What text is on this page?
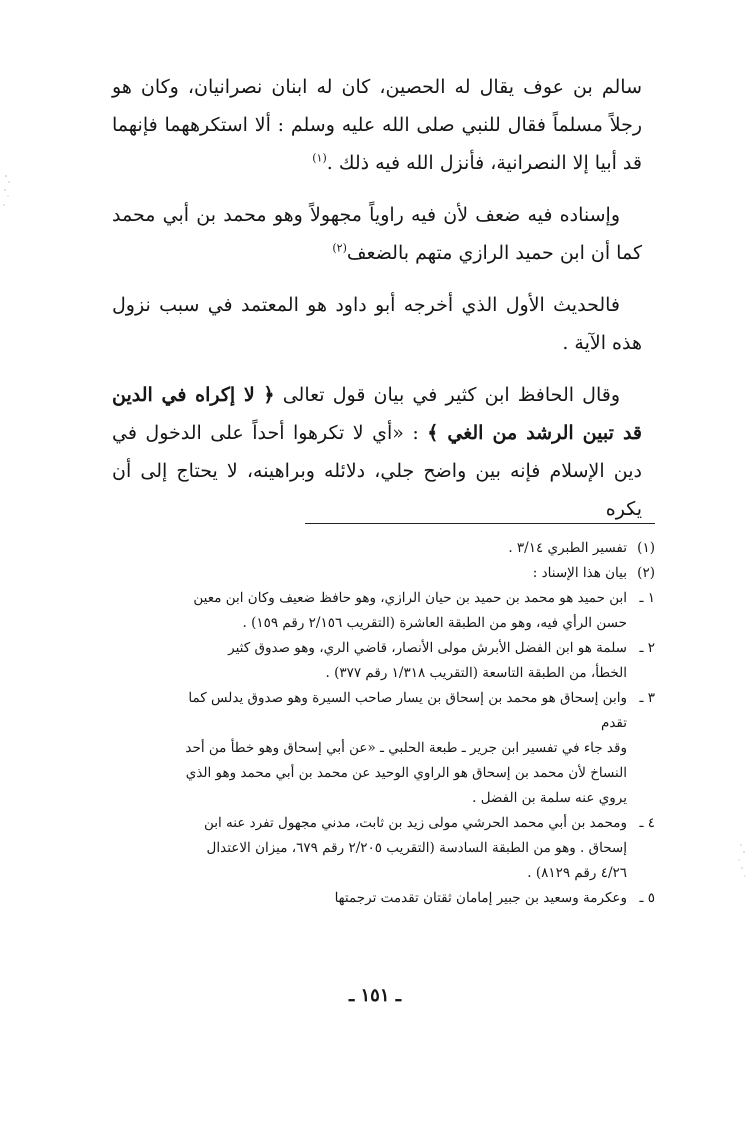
سالم بن عوف يقال له الحصين، كان له ابنان نصرانيان، وكان هو رجلاً مسلماً فقال للنبي صلى الله عليه وسلم : ألا استكرههما فإنهما قد أبيا إلا النصرانية، فأنزل الله فيه ذلك .$^{(١)}$

وإسناده فيه ضعف لأن فيه راوياً مجهولاً وهو محمد بن أبي محمد كما أن ابن حميد الرازي متهم بالضعف$^{(٢)}$

فالحديث الأول الذي أخرجه أبو داود هو المعتمد في سبب نزول هذه الآية .

وقال الحافظ ابن كثير في بيان قول تعالى ﴿ لا إكراه في الدين قد تبين الرشد من الغي ﴾ : «أي لا تكرهوا أحداً على الدخول في دين الإسلام فإنه بين واضح جلي، دلائله وبراهينه، لا يحتاج إلى أن يكره

(١)
تفسير الطبري ٣/١٤ .
(٢)
بيان هذا الإسناد :
١ ـ
ابن حميد هو محمد بن حميد بن حيان الرازي، وهو حافظ ضعيف وكان ابن معين
حسن الرأي فيه، وهو من الطبقة العاشرة (التقريب ٢/١٥٦ رقم ١٥٩) .
٢ ـ
سلمة هو ابن الفضل الأبرش مولى الأنصار، قاضي الري، وهو صدوق كثير
الخطأ، من الطبقة التاسعة (التقريب ١/٣١٨ رقم ٣٧٧) .
٣ ـ
وابن إسحاق هو محمد بن إسحاق بن يسار صاحب السيرة وهو صدوق يدلس كما
تقدم
وقد جاء في تفسير ابن جرير ـ طبعة الحلبي ـ «عن أبي إسحاق وهو خطأ من أحد
النساخ لأن محمد بن إسحاق هو الراوي الوحيد عن محمد بن أبي محمد وهو الذي
يروي عنه سلمة بن الفضل .
٤ ـ
ومحمد بن أبي محمد الحرشي مولى زيد بن ثابت، مدني مجهول تفرد عنه ابن
إسحاق . وهو من الطبقة السادسة (التقريب ٢/٢٠٥ رقم ٦٧٩، ميزان الاعتدال
٤/٢٦ رقم ٨١٢٩) .
٥ ـ
وعكرمة وسعيد بن جبير إمامان ثقتان تقدمت ترجمتها
ـ ١٥١ ـ
